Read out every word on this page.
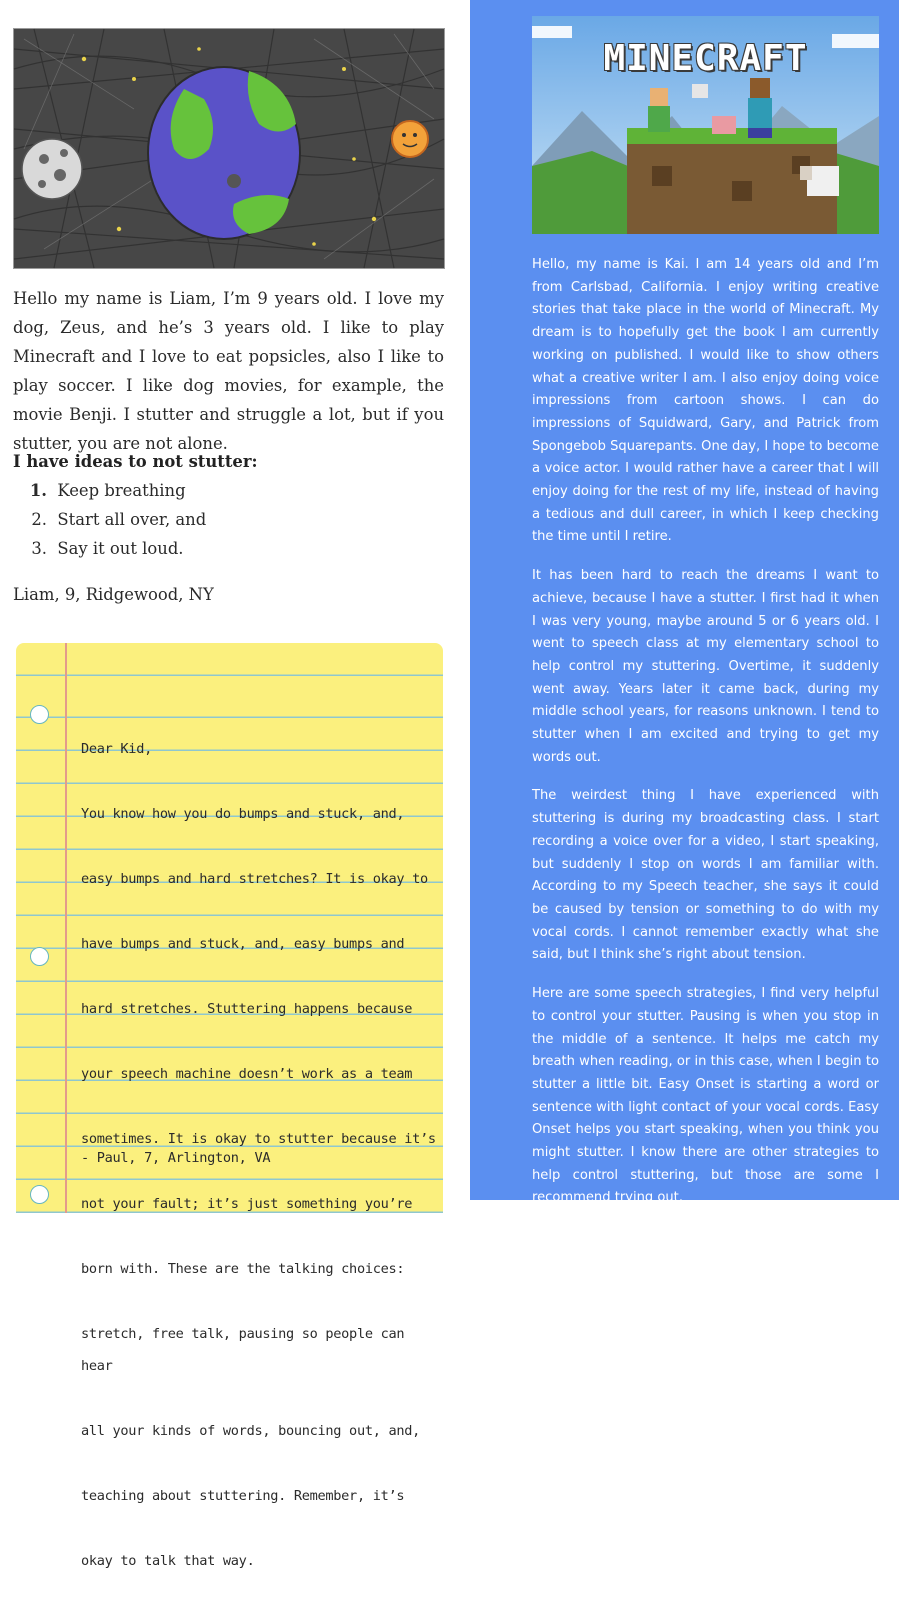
Hello my name is Liam, I’m 9 years old. I love my dog, Zeus, and he’s 3 years old. I like to play Minecraft and I love to eat popsicles, also I like to play soccer. I like dog movies, for example, the movie Benji. I stutter and struggle a lot, but if you stutter, you are not alone.

I have ideas to not stutter:

1. Keep breathing
2. Start all over, and
3. Say it out loud.

Liam, 9, Ridgewood, NY

Dear Kid,

You know how you do bumps and stuck, and,

easy bumps and hard stretches? It is okay to

have bumps and stuck, and, easy bumps and

hard stretches. Stuttering happens because

your speech machine doesn’t work as a team

sometimes. It is okay to stutter because it’s

not your fault; it’s just something you’re

born with. These are the talking choices:

stretch, free talk, pausing so people can hear

all your kinds of words, bouncing out, and,

teaching about stuttering. Remember, it’s

okay to talk that way.

- Paul, 7, Arlington, VA
MINECRAFT

Hello, my name is Kai. I am 14 years old and I’m from Carlsbad, California. I enjoy writing creative stories that take place in the world of Minecraft. My dream is to hopefully get the book I am currently working on published. I would like to show others what a creative writer I am. I also enjoy doing voice impressions from cartoon shows. I can do impressions of Squidward, Gary, and Patrick from Spongebob Squarepants. One day, I hope to become a voice actor. I would rather have a career that I will enjoy doing for the rest of my life, instead of having a tedious and dull career, in which I keep checking the time until I retire.

It has been hard to reach the dreams I want to achieve, because I have a stutter. I first had it when I was very young, maybe around 5 or 6 years old. I went to speech class at my elementary school to help control my stuttering. Overtime, it suddenly went away. Years later it came back, during my middle school years, for reasons unknown. I tend to stutter when I am excited and trying to get my words out.

The weirdest thing I have experienced with stuttering is during my broadcasting class. I start recording a voice over for a video, I start speaking, but suddenly I stop on words I am familiar with. According to my Speech teacher, she says it could be caused by tension or something to do with my vocal cords. I cannot remember exactly what she said, but I think she’s right about tension.

Here are some speech strategies, I find very helpful to control your stutter. Pausing is when you stop in the middle of a sentence. It helps me catch my breath when reading, or in this case, when I begin to stutter a little bit. Easy Onset is starting a word or sentence with light contact of your vocal cords. Easy Onset helps you start speaking, when you think you might stutter. I know there are other strategies to help control stuttering, but those are some I recommend trying out.

Kai, 14, Carlsbad, CA
